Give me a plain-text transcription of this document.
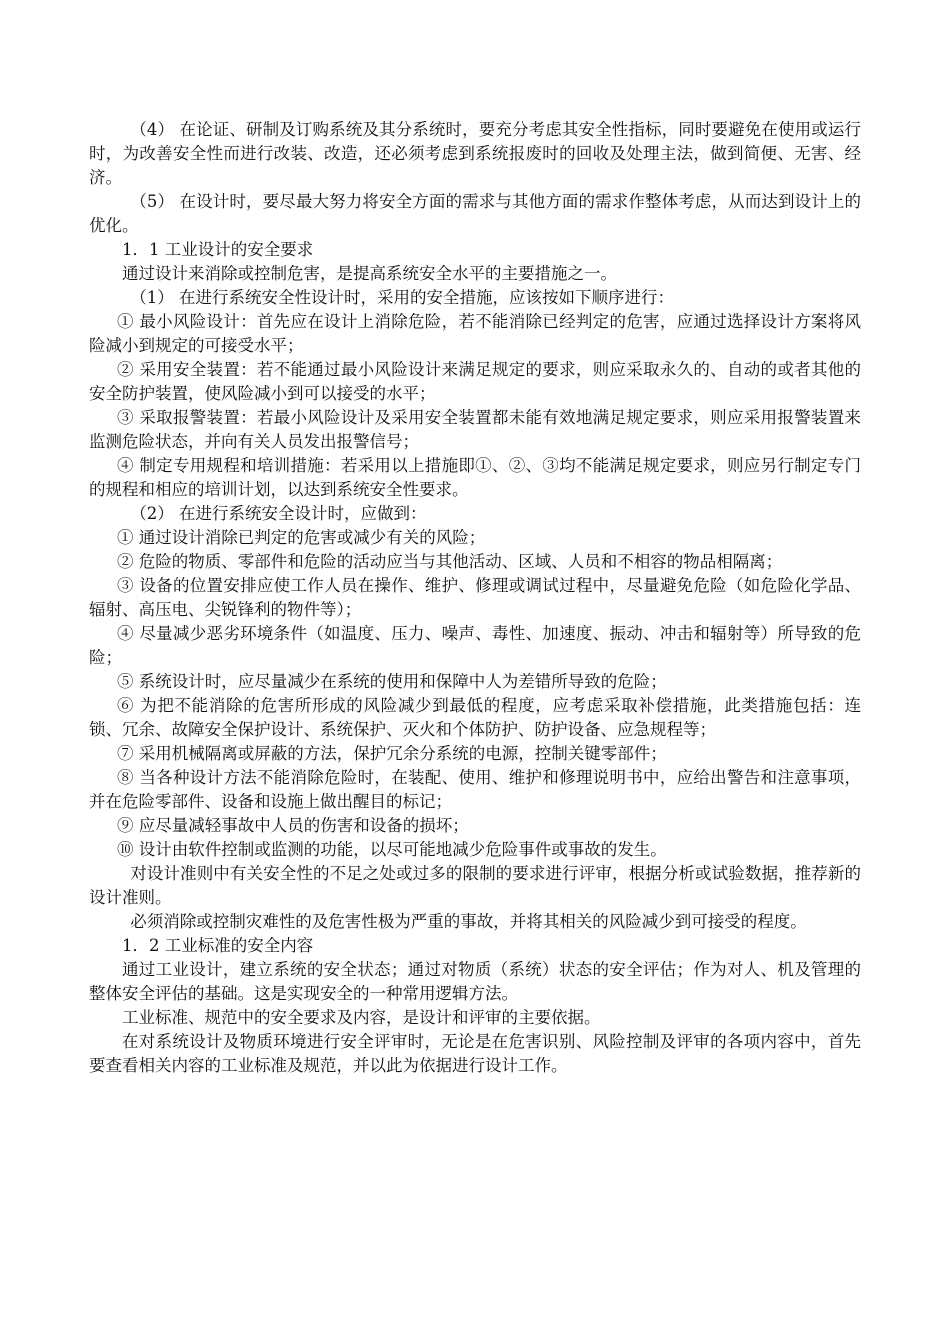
（4） 在论证、研制及订购系统及其分系统时，要充分考虑其安全性指标，同时要避免在使用或运行时，为改善安全性而进行改装、改造，还必须考虑到系统报废时的回收及处理主法，做到简便、无害、经济。

（5） 在设计时，要尽最大努力将安全方面的需求与其他方面的需求作整体考虑，从而达到设计上的优化。

1．1 工业设计的安全要求

通过设计来消除或控制危害，是提高系统安全水平的主要措施之一。

（1） 在进行系统安全性设计时，采用的安全措施，应该按如下顺序进行：

① 最小风险设计：首先应在设计上消除危险，若不能消除已经判定的危害，应通过选择设计方案将风险减小到规定的可接受水平；

② 采用安全装置：若不能通过最小风险设计来满足规定的要求，则应采取永久的、自动的或者其他的安全防护装置，使风险减小到可以接受的水平；

③ 采取报警装置：若最小风险设计及采用安全装置都未能有效地满足规定要求，则应采用报警装置来监测危险状态，并向有关人员发出报警信号；

④ 制定专用规程和培训措施：若采用以上措施即①、②、③均不能满足规定要求，则应另行制定专门的规程和相应的培训计划，以达到系统安全性要求。

（2） 在进行系统安全设计时，应做到：

① 通过设计消除已判定的危害或减少有关的风险；

② 危险的物质、零部件和危险的活动应当与其他活动、区域、人员和不相容的物品相隔离；

③ 设备的位置安排应使工作人员在操作、维护、修理或调试过程中，尽量避免危险（如危险化学品、辐射、高压电、尖锐锋利的物件等）；

④ 尽量减少恶劣环境条件（如温度、压力、噪声、毒性、加速度、振动、冲击和辐射等）所导致的危险；

⑤ 系统设计时，应尽量减少在系统的使用和保障中人为差错所导致的危险；

⑥ 为把不能消除的危害所形成的风险减少到最低的程度，应考虑采取补偿措施，此类措施包括：连锁、冗余、故障安全保护设计、系统保护、灭火和个体防护、防护设备、应急规程等；

⑦ 采用机械隔离或屏蔽的方法，保护冗余分系统的电源，控制关键零部件；

⑧ 当各种设计方法不能消除危险时，在装配、使用、维护和修理说明书中，应给出警告和注意事项，并在危险零部件、设备和设施上做出醒目的标记；

⑨ 应尽量减轻事故中人员的伤害和设备的损坏；

⑩ 设计由软件控制或监测的功能，以尽可能地减少危险事件或事故的发生。

对设计准则中有关安全性的不足之处或过多的限制的要求进行评审，根据分析或试验数据，推荐新的设计准则。

必须消除或控制灾难性的及危害性极为严重的事故，并将其相关的风险减少到可接受的程度。

1．2 工业标准的安全内容

通过工业设计，建立系统的安全状态；通过对物质（系统）状态的安全评估；作为对人、机及管理的整体安全评估的基础。这是实现安全的一种常用逻辑方法。

工业标准、规范中的安全要求及内容，是设计和评审的主要依据。

在对系统设计及物质环境进行安全评审时，无论是在危害识别、风险控制及评审的各项内容中，首先要查看相关内容的工业标准及规范，并以此为依据进行设计工作。
